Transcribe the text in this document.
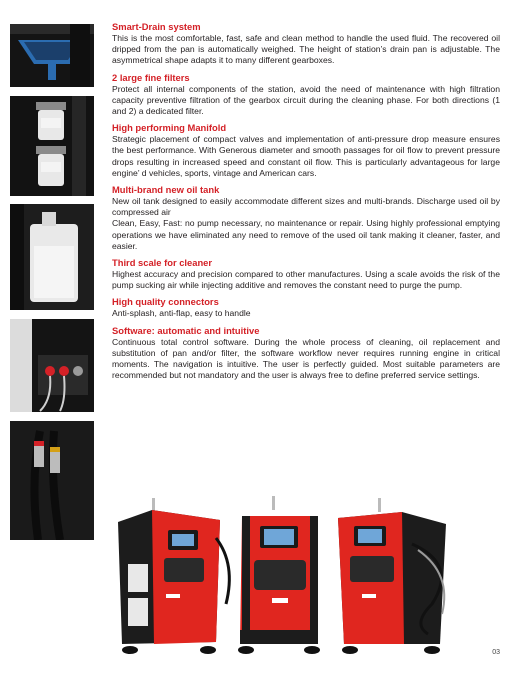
Smart-Drain system

This is the most comfortable, fast, safe and clean method to handle the used fluid. The recovered oil dripped from the pan is automatically weighed. The height of station’s drain pan is adjustable. The asymmetrical shape adapts it to many different gearboxes.

2 large fine filters

Protect all internal components of the station, avoid the need of maintenance with high filtration capacity preventive filtration of the gearbox circuit during the cleaning phase. For both directions (1 and 2) a dedicated filter.

High performing Manifold

Strategic placement of compact valves and implementation of anti-pressure drop measure ensures the best performance. With Generous diameter and smooth passages for oil flow to prevent pressure drops resulting in increased speed and constant oil flow. This is particularly advantageous for large engine’ d vehicles, sports, vintage and American cars.

Multi-brand new oil tank

New oil tank designed to easily accommodate different sizes and multi-brands. Discharge used oil by compressed air
Clean, Easy, Fast: no pump necessary, no maintenance or repair. Using highly professional emptying operations we have eliminated any need to remove of the used oil tank making it cleaner, faster, and easier.

Third scale for cleaner

Highest accuracy and precision compared to other manufactures. Using a scale avoids the risk of the pump sucking air while injecting additive and removes the constant need to purge the pump.

High quality connectors

Anti-splash, anti-flap, easy to handle

Software: automatic and intuitive

Continuous total control software. During the whole process of cleaning, oil replacement and substitution of pan and/or filter, the software workflow never requires running engine in critical moments. The navigation is intuitive. The user is perfectly guided. Most suitable parameters are recommended but not mandatory and the user is always free to define preferred service settings.

03
